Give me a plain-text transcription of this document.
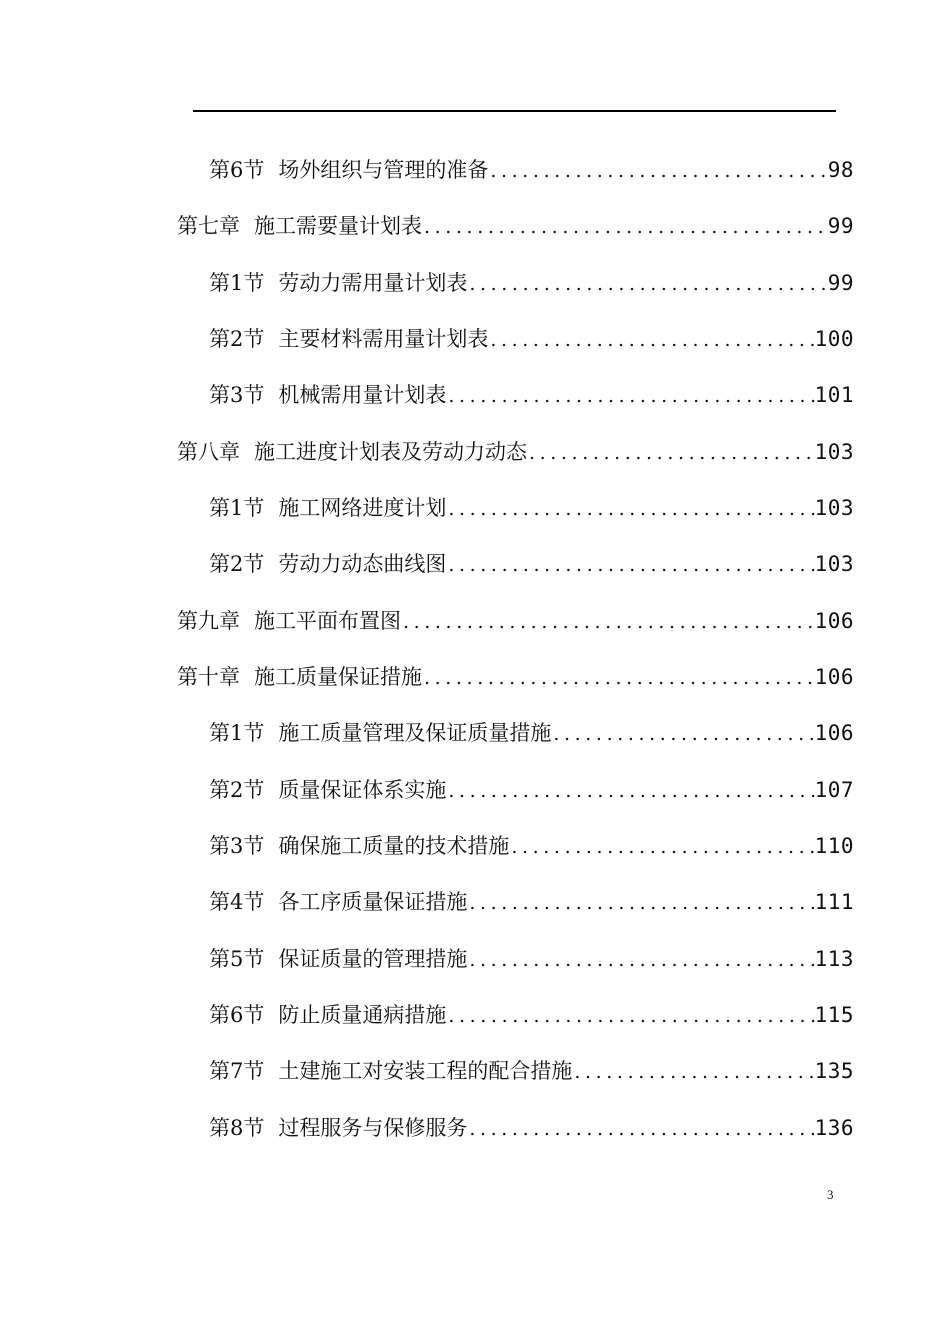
第6节 场外组织与管理的准备 .....	98
第七章 施工需要量计划表 .....	99
第1节 劳动力需用量计划表 .....	99
第2节 主要材料需用量计划表 .....	100
第3节 机械需用量计划表 .....	101
第八章 施工进度计划表及劳动力动态 .....	103
第1节 施工网络进度计划 .....	103
第2节 劳动力动态曲线图 .....	103
第九章 施工平面布置图 .....	106
第十章 施工质量保证措施 .....	106
第1节 施工质量管理及保证质量措施 .....	106
第2节 质量保证体系实施 .....	107
第3节 确保施工质量的技术措施 .....	110
第4节 各工序质量保证措施 .....	111
第5节 保证质量的管理措施 .....	113
第6节 防止质量通病措施 .....	115
第7节 土建施工对安装工程的配合措施 .....	135
第8节 过程服务与保修服务 .....	136
3
